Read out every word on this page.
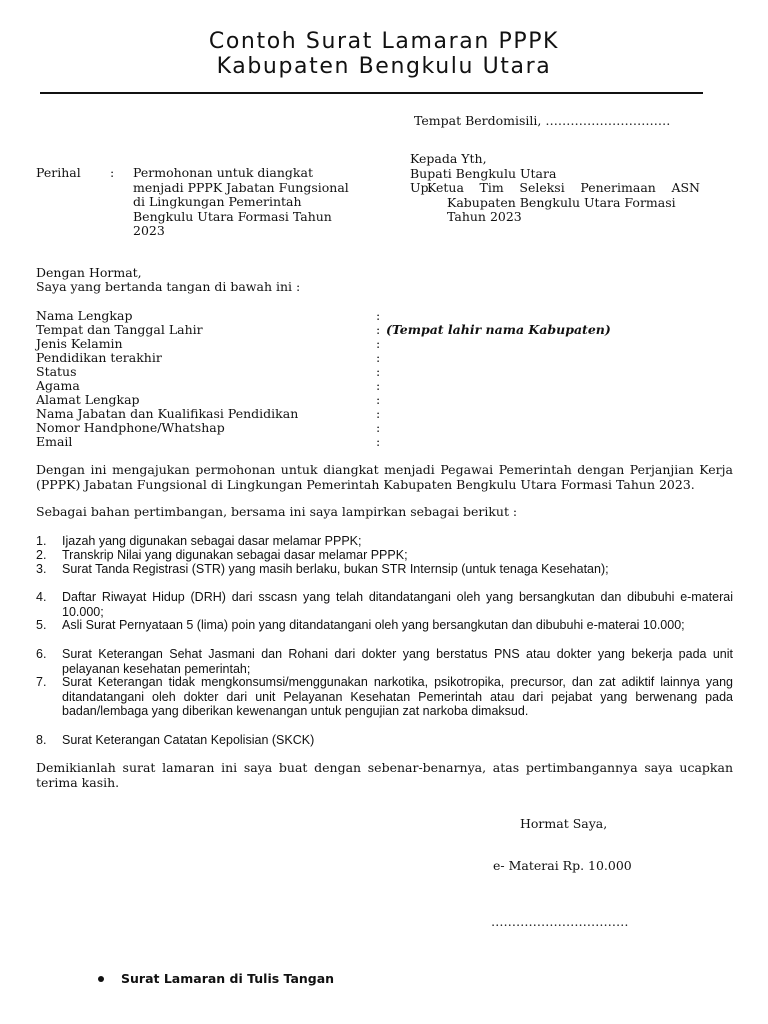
Contoh Surat Lamaran PPPK
Kabupaten Bengkulu Utara
Tempat Berdomisili, …………………………
Perihal : Permohonan untuk diangkat
menjadi PPPK Jabatan Fungsional
di Lingkungan Pemerintah
Bengkulu Utara Formasi Tahun
2023
Kepada Yth,
Bupati Bengkulu Utara
Up.
Ketua Tim Seleksi Penerimaan ASN
Kabupaten Bengkulu Utara Formasi
Tahun 2023
Dengan Hormat,
Saya yang bertanda tangan di bawah ini :
Nama Lengkap	:
Tempat dan Tanggal Lahir	: (Tempat lahir nama Kabupaten)
Jenis Kelamin	:
Pendidikan terakhir	:
Status	:
Agama	:
Alamat Lengkap	:
Nama Jabatan dan Kualifikasi Pendidikan	:
Nomor Handphone/Whatshap	:
Email	:
Dengan ini mengajukan permohonan untuk diangkat menjadi Pegawai Pemerintah dengan Perjanjian Kerja (PPPK) Jabatan Fungsional di Lingkungan Pemerintah Kabupaten Bengkulu Utara Formasi Tahun 2023.
Sebagai bahan pertimbangan, bersama ini saya lampirkan sebagai berikut :
1. Ijazah yang digunakan sebagai dasar melamar PPPK;
2. Transkrip Nilai yang digunakan sebagai dasar melamar PPPK;
3. Surat Tanda Registrasi (STR) yang masih berlaku, bukan STR Internsip (untuk tenaga Kesehatan);
4. Daftar Riwayat Hidup (DRH) dari sscasn yang telah ditandatangani oleh yang bersangkutan dan dibubuhi e-materai 10.000;
5. Asli Surat Pernyataan 5 (lima) poin yang ditandatangani oleh yang bersangkutan dan dibubuhi e-materai 10.000;
6. Surat Keterangan Sehat Jasmani dan Rohani dari dokter yang berstatus PNS atau dokter yang bekerja pada unit pelayanan kesehatan pemerintah;
7. Surat Keterangan tidak mengkonsumsi/menggunakan narkotika, psikotropika, precursor, dan zat adiktif lainnya yang ditandatangani oleh dokter dari unit Pelayanan Kesehatan Pemerintah atau dari pejabat yang berwenang pada badan/lembaga yang diberikan kewenangan untuk pengujian zat narkoba dimaksud.
8. Surat Keterangan Catatan Kepolisian (SKCK)
Demikianlah surat lamaran ini saya buat dengan sebenar-benarnya, atas pertimbangannya saya ucapkan terima kasih.
Hormat Saya,
e- Materai Rp. 10.000
……………………………
Surat Lamaran di Tulis Tangan
